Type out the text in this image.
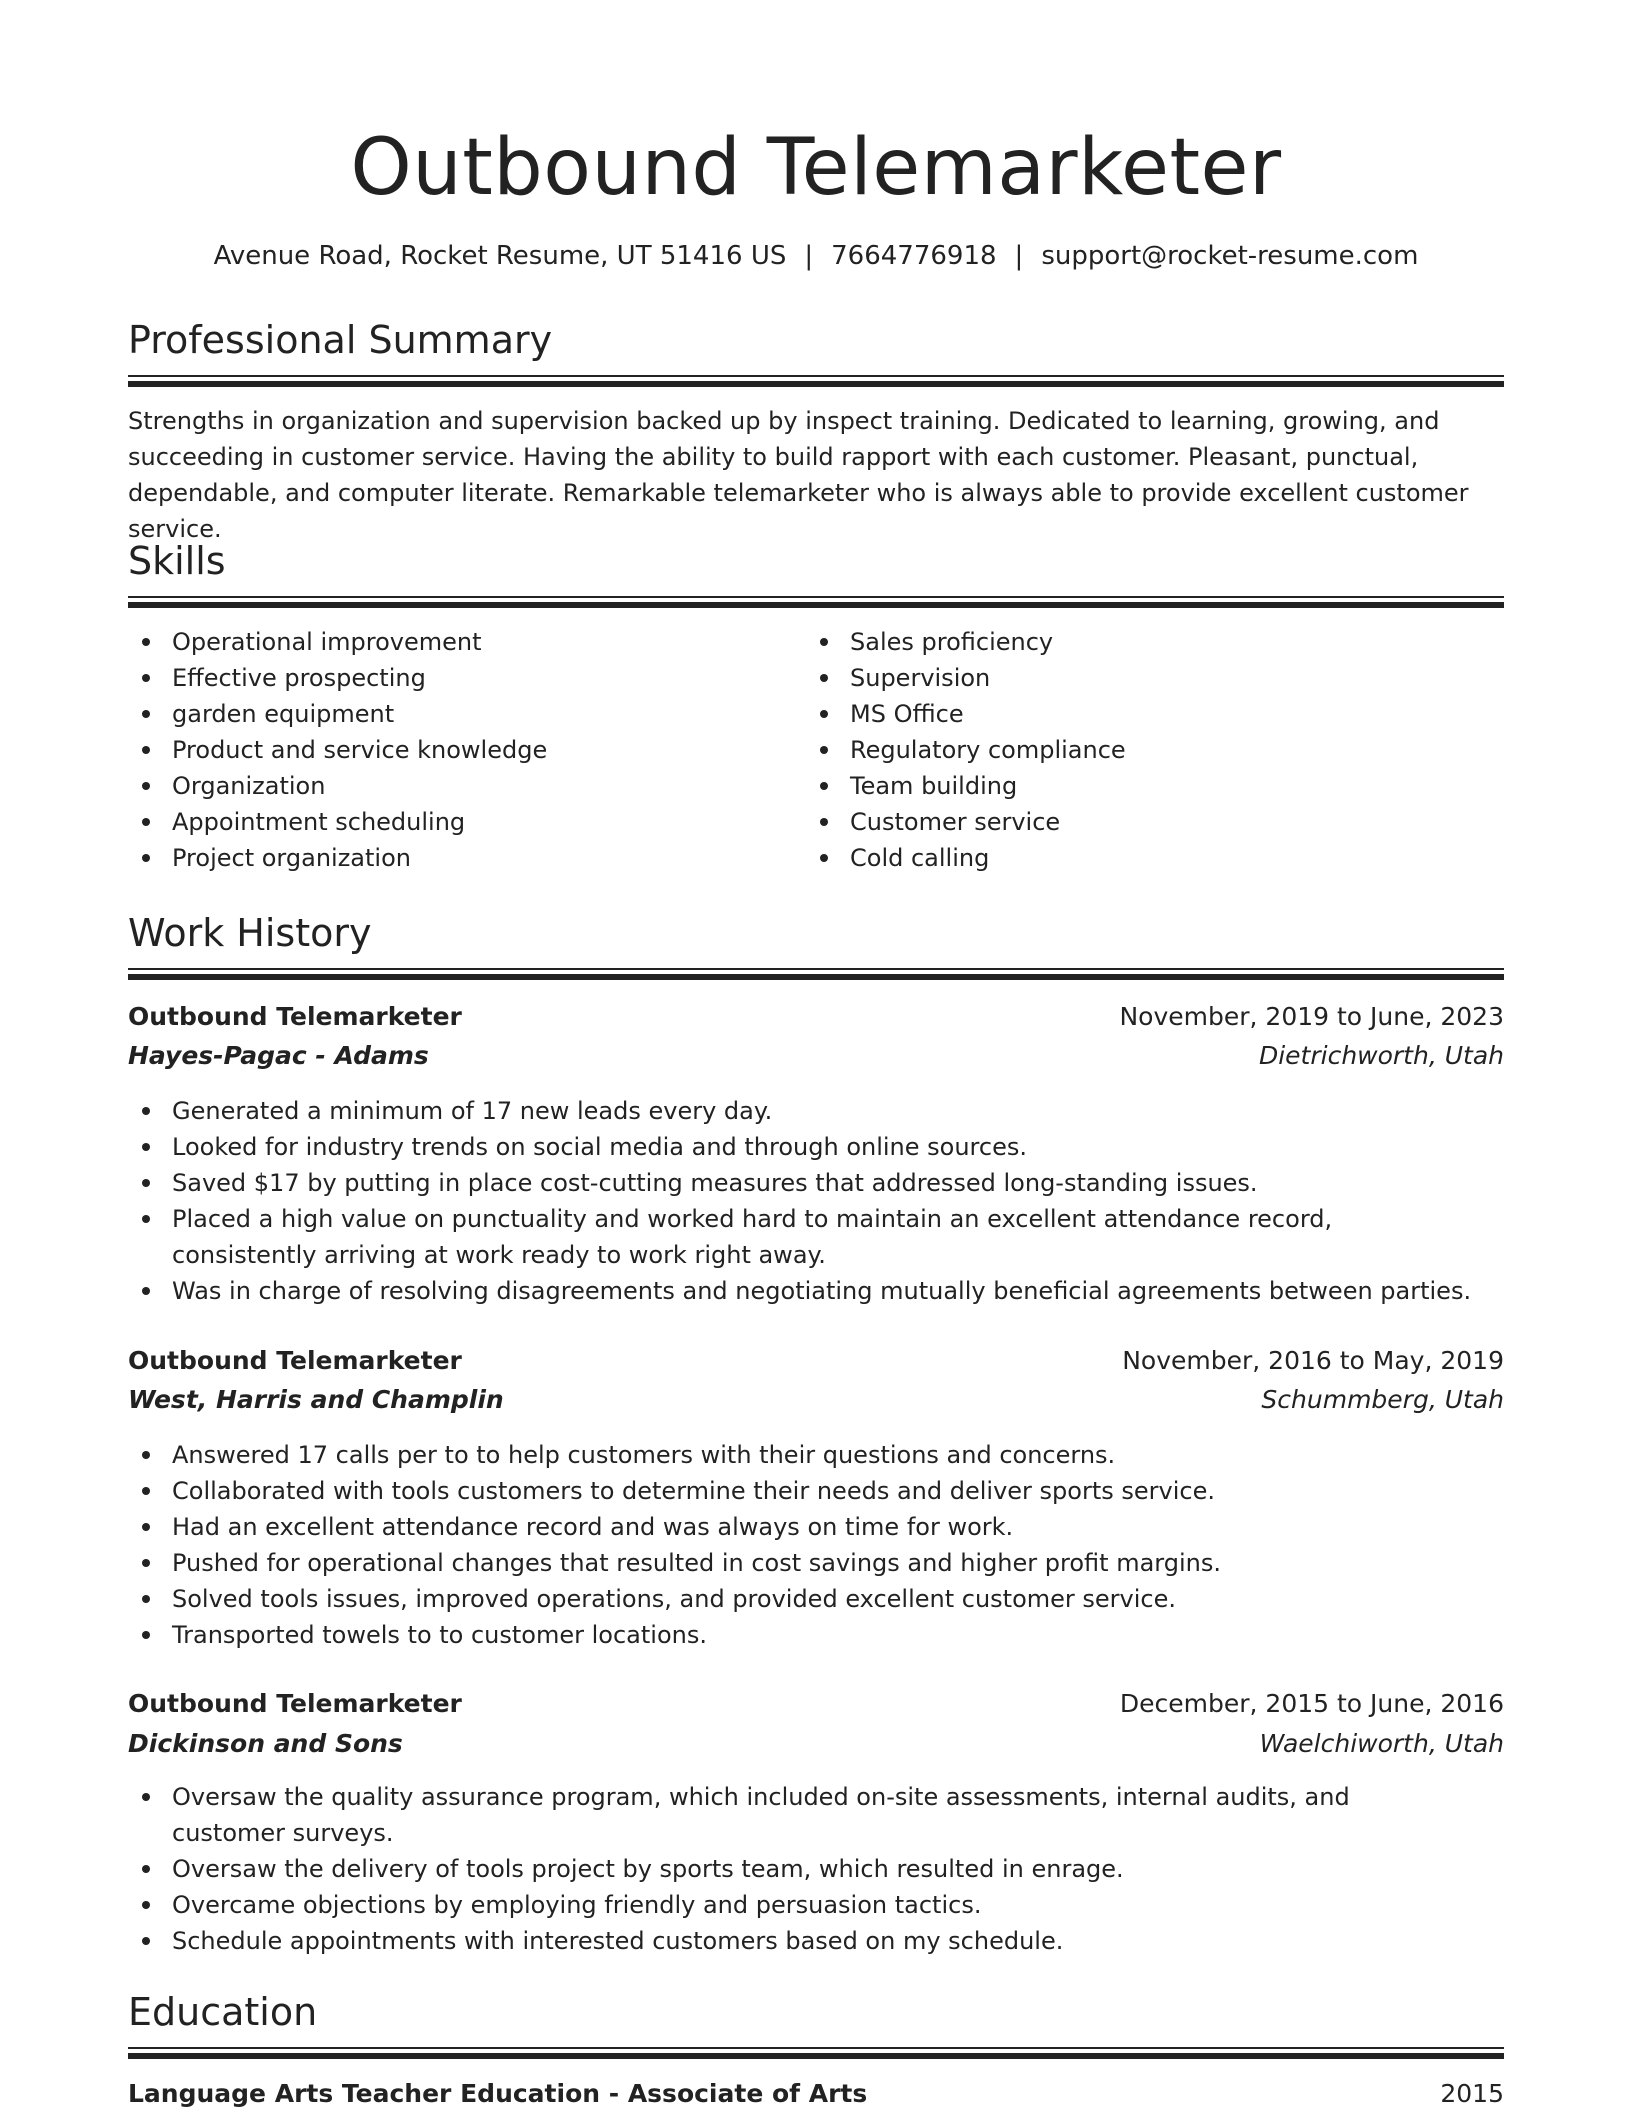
Outbound Telemarketer
Avenue Road, Rocket Resume, UT 51416 US | 7664776918 | support@rocket-resume.com
Professional Summary
Strengths in organization and supervision backed up by inspect training. Dedicated to learning, growing, and succeeding in customer service. Having the ability to build rapport with each customer. Pleasant, punctual, dependable, and computer literate. Remarkable telemarketer who is always able to provide excellent customer service.
Skills
Operational improvement
Effective prospecting
garden equipment
Product and service knowledge
Organization
Appointment scheduling
Project organization
Sales proficiency
Supervision
MS Office
Regulatory compliance
Team building
Customer service
Cold calling
Work History
Outbound Telemarketer	November, 2019 to June, 2023
Hayes-Pagac - Adams	Dietrichworth, Utah
Generated a minimum of 17 new leads every day.
Looked for industry trends on social media and through online sources.
Saved $17 by putting in place cost-cutting measures that addressed long-standing issues.
Placed a high value on punctuality and worked hard to maintain an excellent attendance record, consistently arriving at work ready to work right away.
Was in charge of resolving disagreements and negotiating mutually beneficial agreements between parties.
Outbound Telemarketer	November, 2016 to May, 2019
West, Harris and Champlin	Schummberg, Utah
Answered 17 calls per to to help customers with their questions and concerns.
Collaborated with tools customers to determine their needs and deliver sports service.
Had an excellent attendance record and was always on time for work.
Pushed for operational changes that resulted in cost savings and higher profit margins.
Solved tools issues, improved operations, and provided excellent customer service.
Transported towels to to customer locations.
Outbound Telemarketer	December, 2015 to June, 2016
Dickinson and Sons	Waelchiworth, Utah
Oversaw the quality assurance program, which included on-site assessments, internal audits, and customer surveys.
Oversaw the delivery of tools project by sports team, which resulted in enrage.
Overcame objections by employing friendly and persuasion tactics.
Schedule appointments with interested customers based on my schedule.
Education
Language Arts Teacher Education - Associate of Arts	2015
